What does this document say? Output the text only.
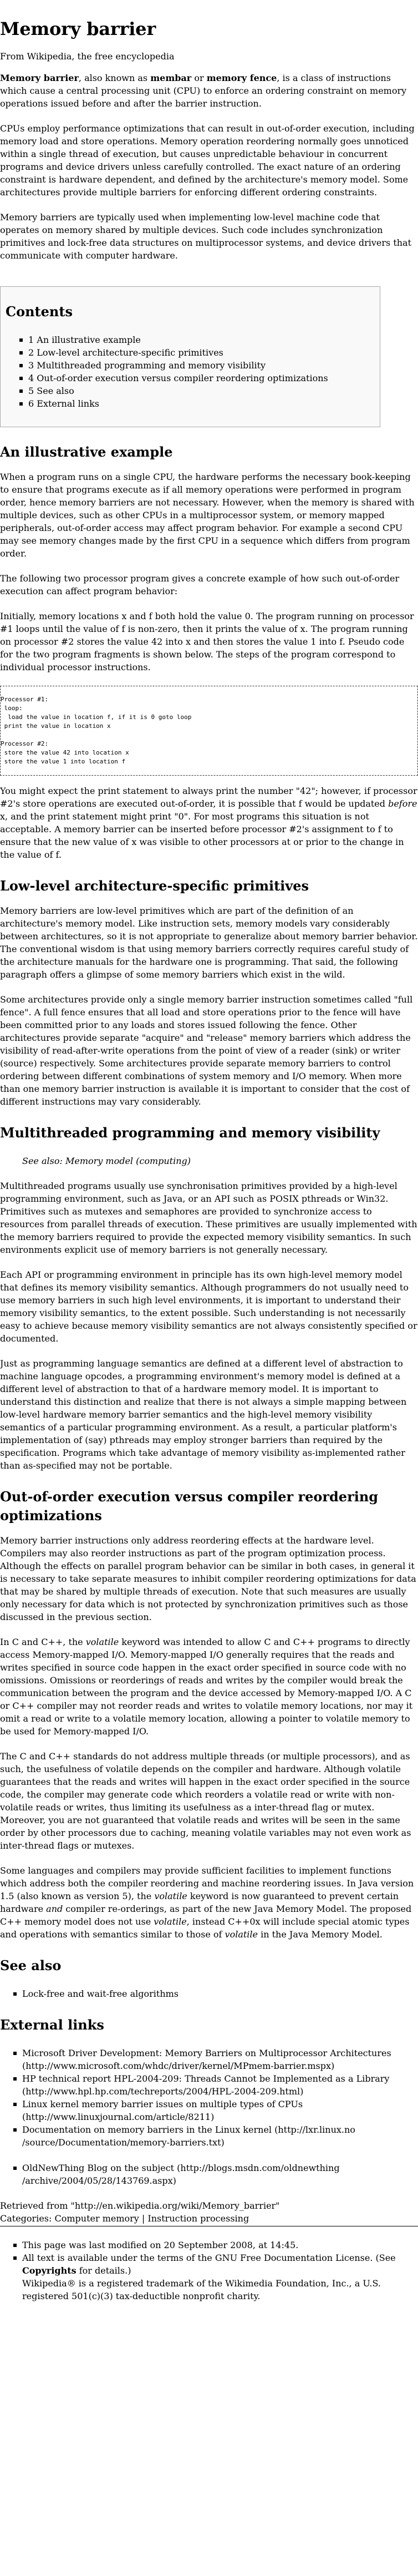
Memory barrier
From Wikipedia, the free encyclopedia

Memory barrier, also known as membar or memory fence, is a class of instructions which cause a central processing unit (CPU) to enforce an ordering constraint on memory operations issued before and after the barrier instruction.

CPUs employ performance optimizations that can result in out-of-order execution, including memory load and store operations. Memory operation reordering normally goes unnoticed within a single thread of execution, but causes unpredictable behaviour in concurrent programs and device drivers unless carefully controlled. The exact nature of an ordering constraint is hardware dependent, and defined by the architecture's memory model. Some architectures provide multiple barriers for enforcing different ordering constraints.

Memory barriers are typically used when implementing low-level machine code that operates on memory shared by multiple devices. Such code includes synchronization primitives and lock-free data structures on multiprocessor systems, and device drivers that communicate with computer hardware.

Contents
1 An illustrative example
2 Low-level architecture-specific primitives
3 Multithreaded programming and memory visibility
4 Out-of-order execution versus compiler reordering optimizations
5 See also
6 External links
An illustrative example

When a program runs on a single CPU, the hardware performs the necessary book-keeping to ensure that programs execute as if all memory operations were performed in program order, hence memory barriers are not necessary. However, when the memory is shared with multiple devices, such as other CPUs in a multiprocessor system, or memory mapped peripherals, out-of-order access may affect program behavior. For example a second CPU may see memory changes made by the first CPU in a sequence which differs from program order.

The following two processor program gives a concrete example of how such out-of-order execution can affect program behavior:

Initially, memory locations x and f both hold the value 0. The program running on processor #1 loops until the value of f is non-zero, then it prints the value of x. The program running on processor #2 stores the value 42 into x and then stores the value 1 into f. Pseudo code for the two program fragments is shown below. The steps of the program correspond to individual processor instructions.

Processor #1:
loop:
load the value in location f, if it is 0 goto loop
print the value in location x

Processor #2:
store the value 42 into location x
store the value 1 into location f

You might expect the print statement to always print the number "42"; however, if processor #2's store operations are executed out-of-order, it is possible that f would be updated before x, and the print statement might print "0". For most programs this situation is not acceptable. A memory barrier can be inserted before processor #2's assignment to f to ensure that the new value of x was visible to other processors at or prior to the change in the value of f.

Low-level architecture-specific primitives

Memory barriers are low-level primitives which are part of the definition of an architecture's memory model. Like instruction sets, memory models vary considerably between architectures, so it is not appropriate to generalize about memory barrier behavior. The conventional wisdom is that using memory barriers correctly requires careful study of the architecture manuals for the hardware one is programming. That said, the following paragraph offers a glimpse of some memory barriers which exist in the wild.

Some architectures provide only a single memory barrier instruction sometimes called "full fence". A full fence ensures that all load and store operations prior to the fence will have been committed prior to any loads and stores issued following the fence. Other architectures provide separate "acquire" and "release" memory barriers which address the visibility of read-after-write operations from the point of view of a reader (sink) or writer (source) respectively. Some architectures provide separate memory barriers to control ordering between different combinations of system memory and I/O memory. When more than one memory barrier instruction is available it is important to consider that the cost of different instructions may vary considerably.

Multithreaded programming and memory visibility
See also: Memory model (computing)

Multithreaded programs usually use synchronisation primitives provided by a high-level programming environment, such as Java, or an API such as POSIX pthreads or Win32. Primitives such as mutexes and semaphores are provided to synchronize access to resources from parallel threads of execution. These primitives are usually implemented with the memory barriers required to provide the expected memory visibility semantics. In such environments explicit use of memory barriers is not generally necessary.

Each API or programming environment in principle has its own high-level memory model that defines its memory visibility semantics. Although programmers do not usually need to use memory barriers in such high level environments, it is important to understand their memory visibility semantics, to the extent possible. Such understanding is not necessarily easy to achieve because memory visibility semantics are not always consistently specified or documented.

Just as programming language semantics are defined at a different level of abstraction to machine language opcodes, a programming environment's memory model is defined at a different level of abstraction to that of a hardware memory model. It is important to understand this distinction and realize that there is not always a simple mapping between low-level hardware memory barrier semantics and the high-level memory visibility semantics of a particular programming environment. As a result, a particular platform's implementation of (say) pthreads may employ stronger barriers than required by the specification. Programs which take advantage of memory visibility as-implemented rather than as-specified may not be portable.

Out-of-order execution versus compiler reordering optimizations

Memory barrier instructions only address reordering effects at the hardware level. Compilers may also reorder instructions as part of the program optimization process. Although the effects on parallel program behavior can be similar in both cases, in general it is necessary to take separate measures to inhibit compiler reordering optimizations for data that may be shared by multiple threads of execution. Note that such measures are usually only necessary for data which is not protected by synchronization primitives such as those discussed in the previous section.

In C and C++, the volatile keyword was intended to allow C and C++ programs to directly access Memory-mapped I/O. Memory-mapped I/O generally requires that the reads and writes specified in source code happen in the exact order specified in source code with no omissions. Omissions or reorderings of reads and writes by the compiler would break the communication between the program and the device accessed by Memory-mapped I/O. A C or C++ compiler may not reorder reads and writes to volatile memory locations, nor may it omit a read or write to a volatile memory location, allowing a pointer to volatile memory to be used for Memory-mapped I/O.

The C and C++ standards do not address multiple threads (or multiple processors), and as such, the usefulness of volatile depends on the compiler and hardware. Although volatile guarantees that the reads and writes will happen in the exact order specified in the source code, the compiler may generate code which reorders a volatile read or write with non-volatile reads or writes, thus limiting its usefulness as a inter-thread flag or mutex. Moreover, you are not guaranteed that volatile reads and writes will be seen in the same order by other processors due to caching, meaning volatile variables may not even work as inter-thread flags or mutexes.

Some languages and compilers may provide sufficient facilities to implement functions which address both the compiler reordering and machine reordering issues. In Java version 1.5 (also known as version 5), the volatile keyword is now guaranteed to prevent certain hardware and compiler re-orderings, as part of the new Java Memory Model. The proposed C++ memory model does not use volatile, instead C++0x will include special atomic types and operations with semantics similar to those of volatile in the Java Memory Model.

See also
Lock-free and wait-free algorithms
External links
Microsoft Driver Development: Memory Barriers on Multiprocessor Architectures (http://www.microsoft.com/whdc/driver/kernel/MPmem-barrier.mspx)
HP technical report HPL-2004-209: Threads Cannot be Implemented as a Library (http://www.hpl.hp.com/techreports/2004/HPL-2004-209.html)
Linux kernel memory barrier issues on multiple types of CPUs (http://www.linuxjournal.com/article/8211)
Documentation on memory barriers in the Linux kernel (http://lxr.linux.no /source/Documentation/memory-barriers.txt)
OldNewThing Blog on the subject (http://blogs.msdn.com/oldnewthing /archive/2004/05/28/143769.aspx)
Retrieved from "http://en.wikipedia.org/wiki/Memory_barrier"
Categories: Computer memory | Instruction processing
This page was last modified on 20 September 2008, at 14:45.
All text is available under the terms of the GNU Free Documentation License. (See Copyrights for details.)
Wikipedia® is a registered trademark of the Wikimedia Foundation, Inc., a U.S. registered 501(c)(3) tax-deductible nonprofit charity.
